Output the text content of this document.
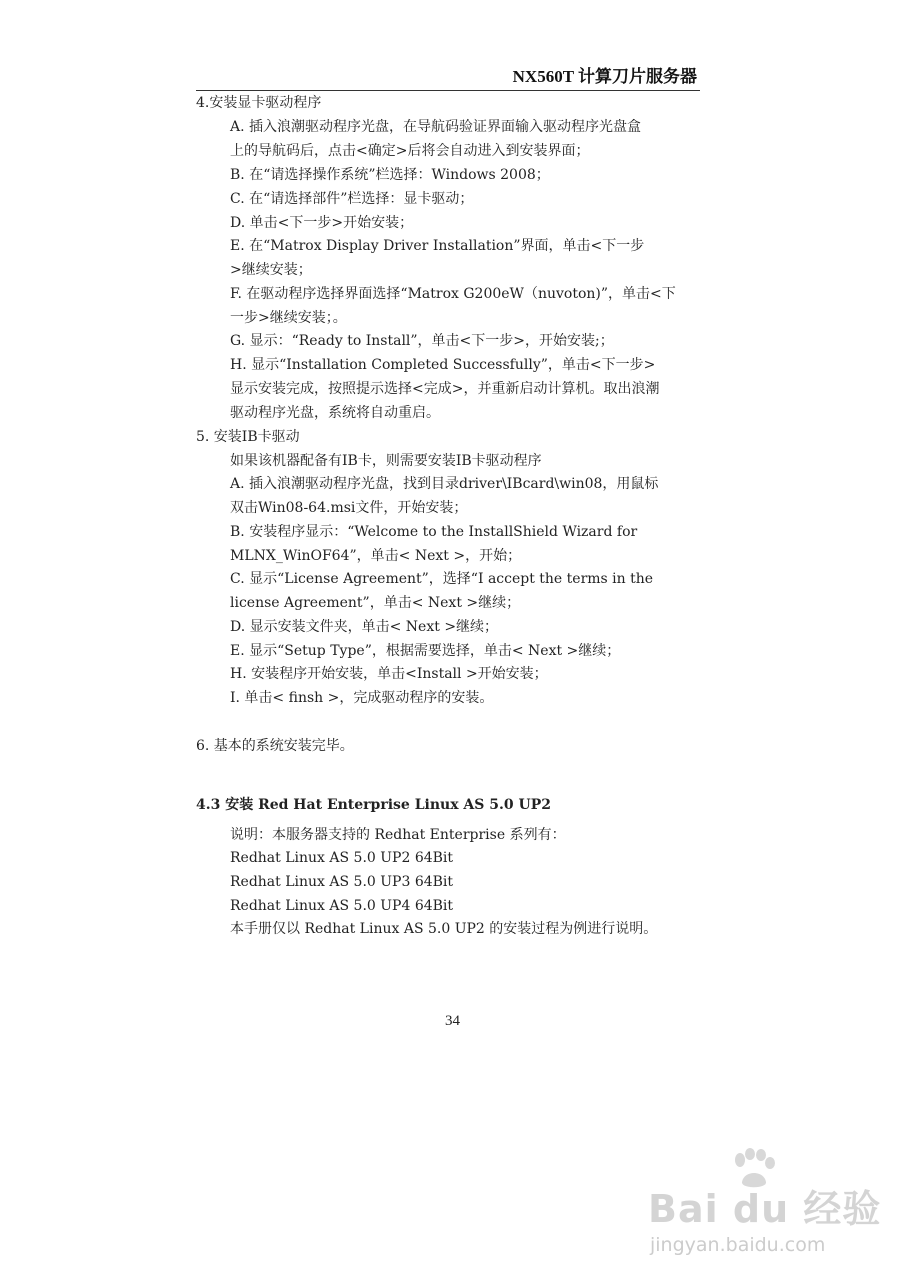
NX560T 计算刀片服务器
4.安装显卡驱动程序
A. 插入浪潮驱动程序光盘，在导航码验证界面输入驱动程序光盘盒
上的导航码后，点击<确定>后将会自动进入到安装界面；
B. 在“请选择操作系统”栏选择：Windows 2008；
C. 在“请选择部件”栏选择：显卡驱动；
D. 单击<下一步>开始安装；
E. 在“Matrox Display Driver Installation”界面，单击<下一步
>继续安装；
F. 在驱动程序选择界面选择“Matrox G200eW（nuvoton)”，单击<下
一步>继续安装；。
G. 显示：“Ready to Install”，单击<下一步>，开始安装;；
H. 显示“Installation Completed Successfully”，单击<下一步>
显示安装完成，按照提示选择<完成>，并重新启动计算机。取出浪潮
驱动程序光盘，系统将自动重启。
5. 安装IB卡驱动
如果该机器配备有IB卡，则需要安装IB卡驱动程序
A. 插入浪潮驱动程序光盘，找到目录driver\IBcard\win08，用鼠标
双击Win08-64.msi文件，开始安装；
B. 安装程序显示：“Welcome to the InstallShield Wizard for
MLNX_WinOF64”，单击< Next >，开始；
C. 显示“License Agreement”，选择“I accept the terms in the
license Agreement”，单击< Next >继续；
D. 显示安装文件夹，单击< Next >继续；
E. 显示“Setup Type”，根据需要选择，单击< Next >继续；
H. 安装程序开始安装，单击<Install >开始安装；
I. 单击< finsh >，完成驱动程序的安装。
6. 基本的系统安装完毕。
4.3 安装 Red Hat Enterprise Linux AS 5.0 UP2
说明：本服务器支持的 Redhat Enterprise 系列有：
Redhat Linux AS 5.0 UP2 64Bit
Redhat Linux AS 5.0 UP3 64Bit
Redhat Linux AS 5.0 UP4 64Bit
本手册仅以 Redhat Linux AS 5.0 UP2 的安装过程为例进行说明。
34
Bai du 经验
jingyan.baidu.com
